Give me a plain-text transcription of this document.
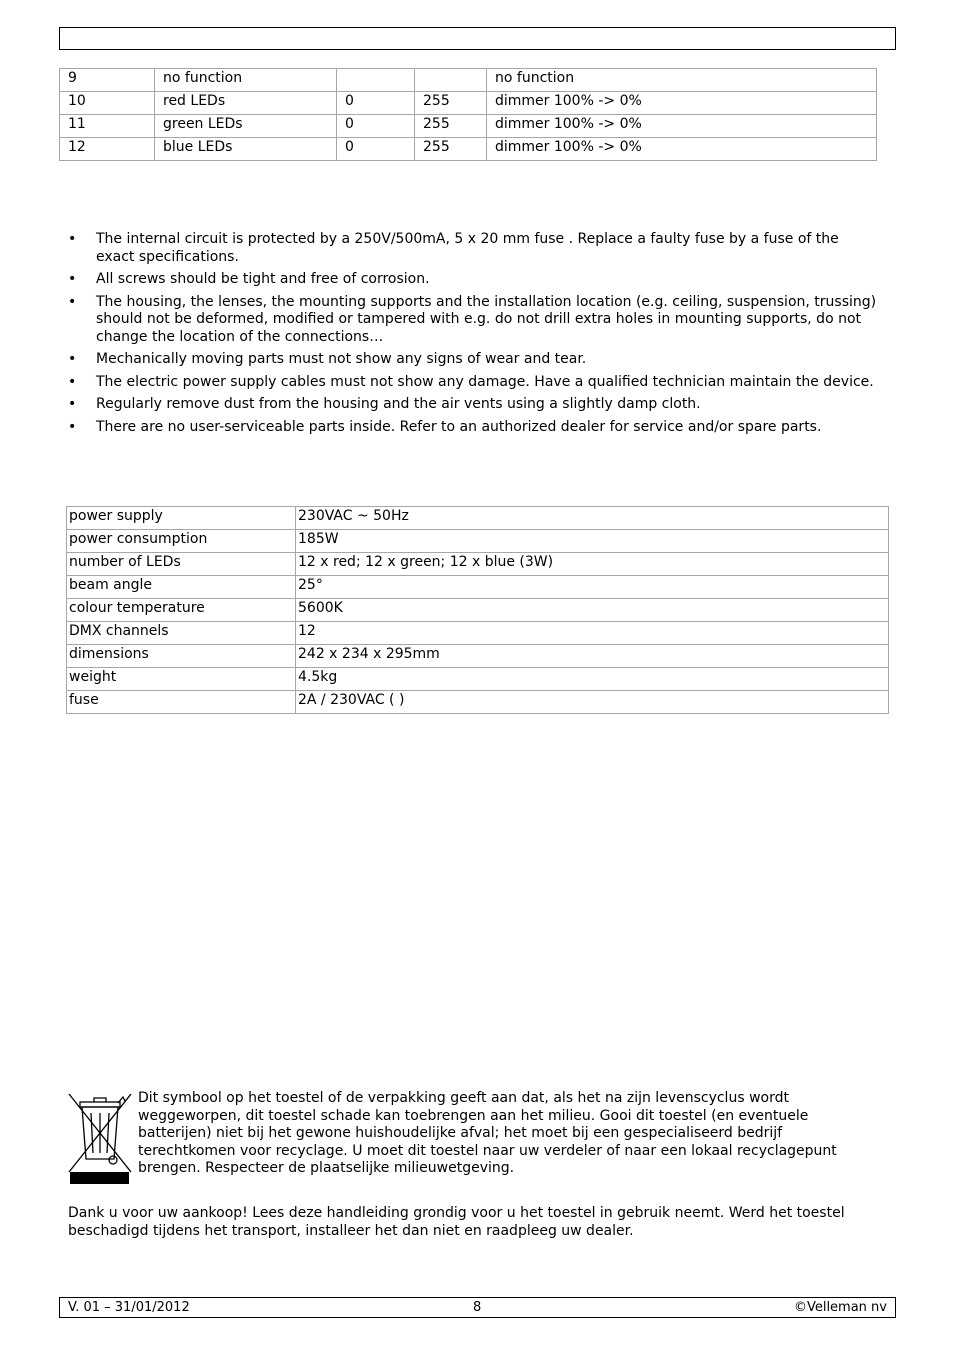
9	no function			no function
10	red LEDs	0	255	dimmer 100% -> 0%
11	green LEDs	0	255	dimmer 100% -> 0%
12	blue LEDs	0	255	dimmer 100% -> 0%
• The internal circuit is protected by a 250V/500mA, 5 x 20 mm fuse . Replace a faulty fuse by a fuse of the exact specifications.
• All screws should be tight and free of corrosion.
• The housing, the lenses, the mounting supports and the installation location (e.g. ceiling, suspension, trussing) should not be deformed, modified or tampered with e.g. do not drill extra holes in mounting supports, do not change the location of the connections…
• Mechanically moving parts must not show any signs of wear and tear.
• The electric power supply cables must not show any damage. Have a qualified technician maintain the device.
• Regularly remove dust from the housing and the air vents using a slightly damp cloth.
• There are no user-serviceable parts inside. Refer to an authorized dealer for service and/or spare parts.
power supply	230VAC ~ 50Hz
power consumption	185W
number of LEDs	12 x red; 12 x green; 12 x blue (3W)
beam angle	25°
colour temperature	5600K
DMX channels	12
dimensions	242 x 234 x 295mm
weight	4.5kg
fuse	2A / 230VAC ( )
Dit symbool op het toestel of de verpakking geeft aan dat, als het na zijn levenscyclus wordt weggeworpen, dit toestel schade kan toebrengen aan het milieu. Gooi dit toestel (en eventuele batterijen) niet bij het gewone huishoudelijke afval; het moet bij een gespecialiseerd bedrijf terechtkomen voor recyclage. U moet dit toestel naar uw verdeler of naar een lokaal recyclagepunt brengen. Respecteer de plaatselijke milieuwetgeving.
Dank u voor uw aankoop! Lees deze handleiding grondig voor u het toestel in gebruik neemt. Werd het toestel beschadigd tijdens het transport, installeer het dan niet en raadpleeg uw dealer.
V. 01 – 31/01/2012	8	©Velleman nv
